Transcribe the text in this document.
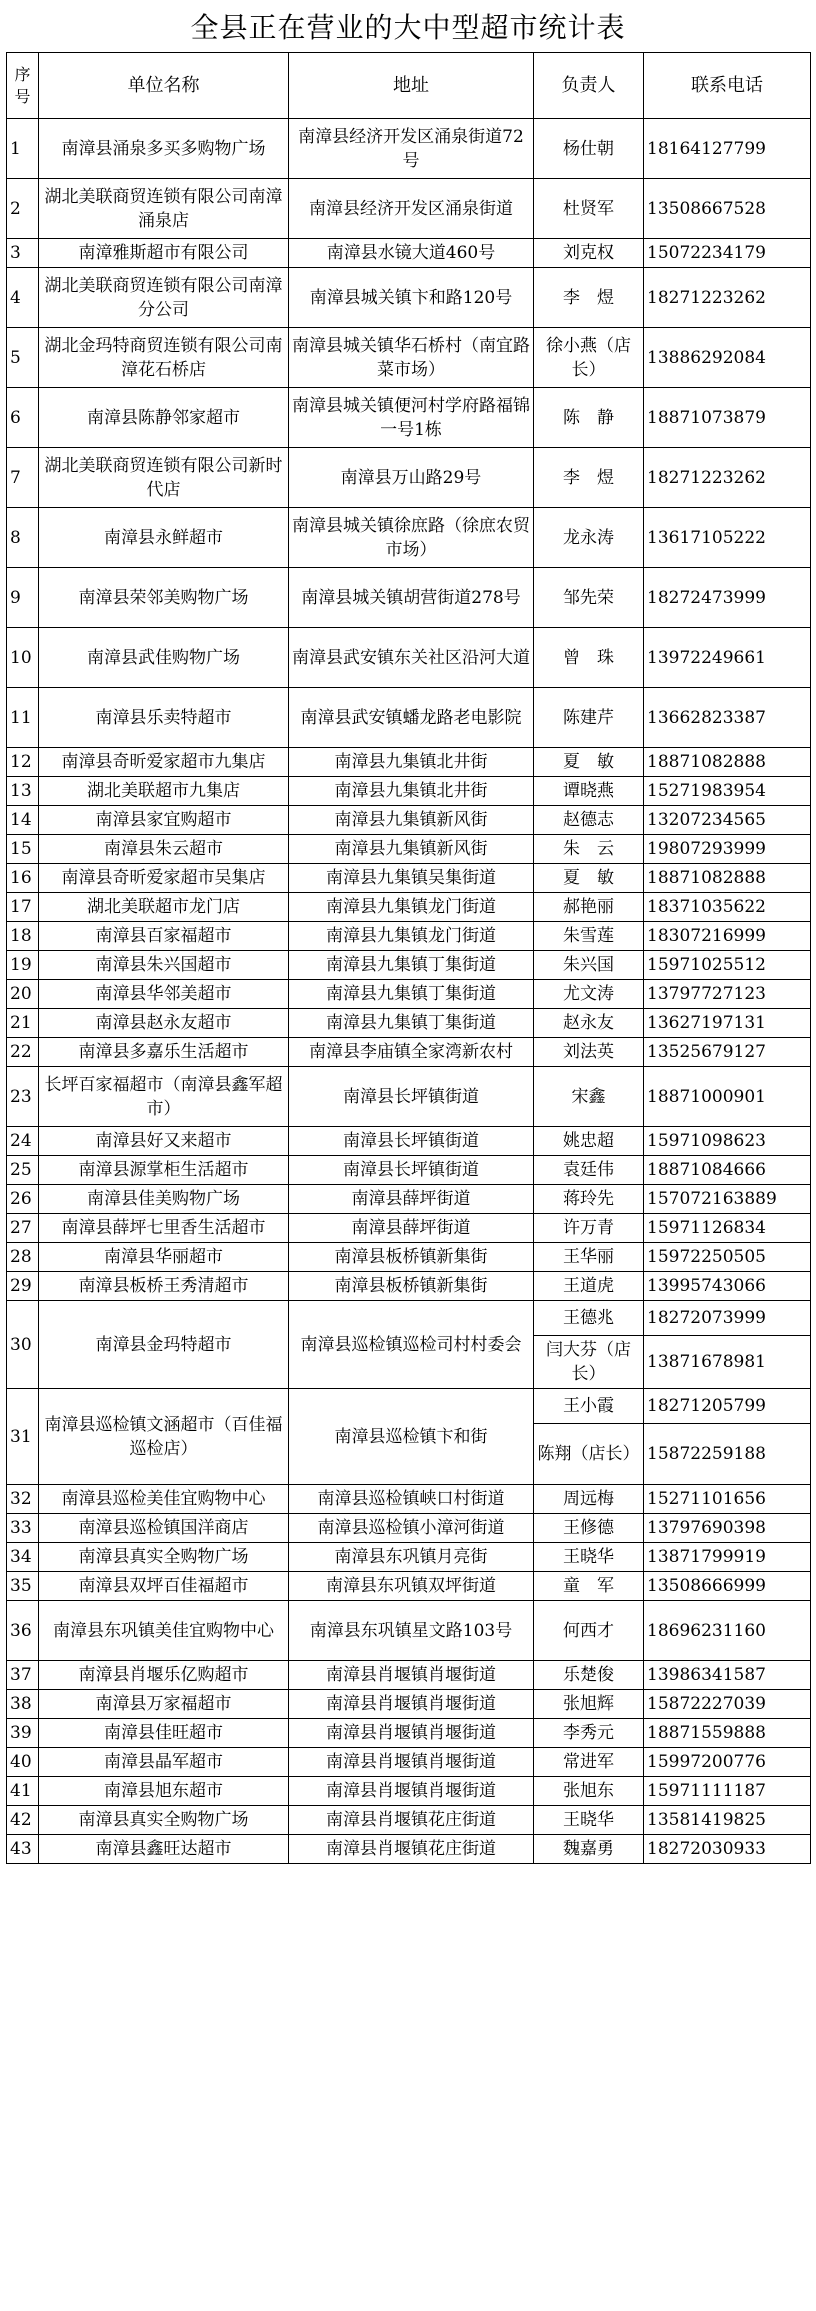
全县正在营业的大中型超市统计表
序号	单位名称	地址	负责人	联系电话
1	南漳县涌泉多买多购物广场	南漳县经济开发区涌泉街道72号	杨仕朝	18164127799
2	湖北美联商贸连锁有限公司南漳涌泉店	南漳县经济开发区涌泉街道	杜贤军	13508667528
3	南漳雅斯超市有限公司	南漳县水镜大道460号	刘克权	15072234179
4	湖北美联商贸连锁有限公司南漳分公司	南漳县城关镇卞和路120号	李　煜	18271223262
5	湖北金玛特商贸连锁有限公司南漳花石桥店	南漳县城关镇华石桥村（南宜路菜市场）	徐小燕（店长）	13886292084
6	南漳县陈静邻家超市	南漳县城关镇便河村学府路福锦一号1栋	陈　静	18871073879
7	湖北美联商贸连锁有限公司新时代店	南漳县万山路29号	李　煜	18271223262
8	南漳县永鲜超市	南漳县城关镇徐庶路（徐庶农贸市场）	龙永涛	13617105222
9	南漳县荣邻美购物广场	南漳县城关镇胡营街道278号	邹先荣	18272473999
10	南漳县武佳购物广场	南漳县武安镇东关社区沿河大道	曾　珠	13972249661
11	南漳县乐卖特超市	南漳县武安镇蟠龙路老电影院	陈建芹	13662823387
12	南漳县奇昕爱家超市九集店	南漳县九集镇北井街	夏　敏	18871082888
13	湖北美联超市九集店	南漳县九集镇北井街	谭晓燕	15271983954
14	南漳县家宜购超市	南漳县九集镇新风街	赵德志	13207234565
15	南漳县朱云超市	南漳县九集镇新风街	朱　云	19807293999
16	南漳县奇昕爱家超市吴集店	南漳县九集镇吴集街道	夏　敏	18871082888
17	湖北美联超市龙门店	南漳县九集镇龙门街道	郝艳丽	18371035622
18	南漳县百家福超市	南漳县九集镇龙门街道	朱雪莲	18307216999
19	南漳县朱兴国超市	南漳县九集镇丁集街道	朱兴国	15971025512
20	南漳县华邻美超市	南漳县九集镇丁集街道	尤文涛	13797727123
21	南漳县赵永友超市	南漳县九集镇丁集街道	赵永友	13627197131
22	南漳县多嘉乐生活超市	南漳县李庙镇全家湾新农村	刘法英	13525679127
23	长坪百家福超市（南漳县鑫军超市）	南漳县长坪镇街道	宋鑫	18871000901
24	南漳县好又来超市	南漳县长坪镇街道	姚忠超	15971098623
25	南漳县源掌柜生活超市	南漳县长坪镇街道	袁廷伟	18871084666
26	南漳县佳美购物广场	南漳县薛坪街道	蒋玲先	157072163889
27	南漳县薛坪七里香生活超市	南漳县薛坪街道	许万青	15971126834
28	南漳县华丽超市	南漳县板桥镇新集街	王华丽	15972250505
29	南漳县板桥王秀清超市	南漳县板桥镇新集街	王道虎	13995743066
30	南漳县金玛特超市	南漳县巡检镇巡检司村村委会	王德兆	18272073999
			闫大芬（店长）	13871678981
31	南漳县巡检镇文涵超市（百佳福巡检店）	南漳县巡检镇卞和街	王小霞	18271205799
			陈翔（店长）	15872259188
32	南漳县巡检美佳宜购物中心	南漳县巡检镇峡口村街道	周远梅	15271101656
33	南漳县巡检镇国洋商店	南漳县巡检镇小漳河街道	王修德	13797690398
34	南漳县真实全购物广场	南漳县东巩镇月亮街	王晓华	13871799919
35	南漳县双坪百佳福超市	南漳县东巩镇双坪街道	童　军	13508666999
36	南漳县东巩镇美佳宜购物中心	南漳县东巩镇星文路103号	何西才	18696231160
37	南漳县肖堰乐亿购超市	南漳县肖堰镇肖堰街道	乐楚俊	13986341587
38	南漳县万家福超市	南漳县肖堰镇肖堰街道	张旭辉	15872227039
39	南漳县佳旺超市	南漳县肖堰镇肖堰街道	李秀元	18871559888
40	南漳县晶军超市	南漳县肖堰镇肖堰街道	常进军	15997200776
41	南漳县旭东超市	南漳县肖堰镇肖堰街道	张旭东	15971111187
42	南漳县真实全购物广场	南漳县肖堰镇花庄街道	王晓华	13581419825
43	南漳县鑫旺达超市	南漳县肖堰镇花庄街道	魏嘉勇	18272030933
